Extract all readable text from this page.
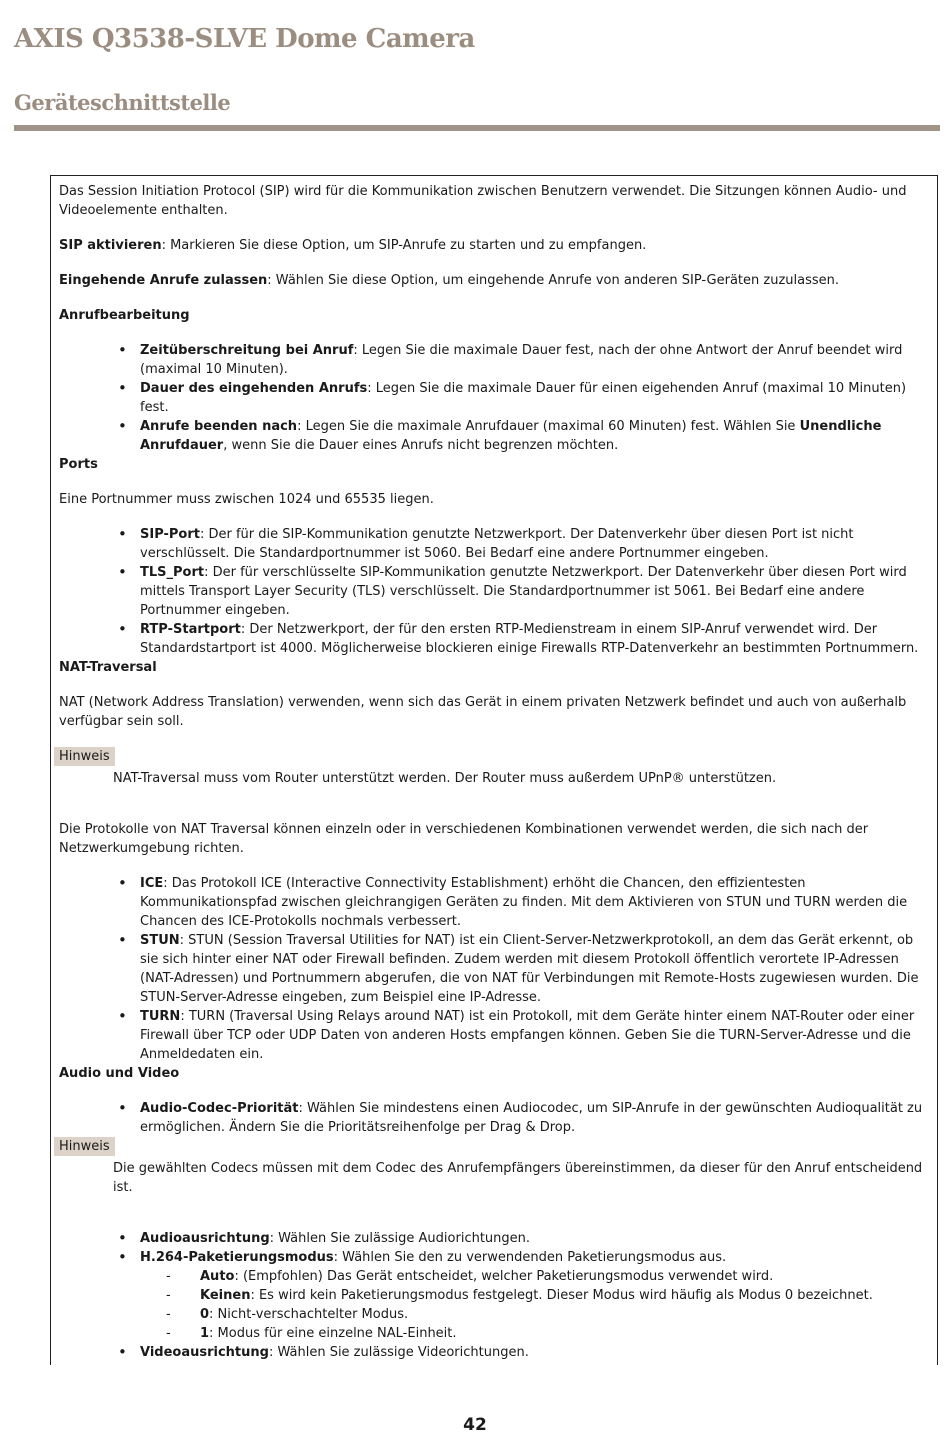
AXIS Q3538-SLVE Dome Camera
Geräteschnittstelle

Das Session Initiation Protocol (SIP) wird für die Kommunikation zwischen Benutzern verwendet. Die Sitzungen können Audio- und Videoelemente enthalten.

SIP aktivieren: Markieren Sie diese Option, um SIP-Anrufe zu starten und zu empfangen.

Eingehende Anrufe zulassen: Wählen Sie diese Option, um eingehende Anrufe von anderen SIP-Geräten zuzulassen.

Anrufbearbeitung
• Zeitüberschreitung bei Anruf: Legen Sie die maximale Dauer fest, nach der ohne Antwort der Anruf beendet wird (maximal 10 Minuten).
• Dauer des eingehenden Anrufs: Legen Sie die maximale Dauer für einen eigehenden Anruf (maximal 10 Minuten) fest.
• Anrufe beenden nach: Legen Sie die maximale Anrufdauer (maximal 60 Minuten) fest. Wählen Sie Unendliche Anrufdauer, wenn Sie die Dauer eines Anrufs nicht begrenzen möchten.
Ports

Eine Portnummer muss zwischen 1024 und 65535 liegen.

• SIP-Port: Der für die SIP-Kommunikation genutzte Netzwerkport. Der Datenverkehr über diesen Port ist nicht verschlüsselt. Die Standardportnummer ist 5060. Bei Bedarf eine andere Portnummer eingeben.
• TLS_Port: Der für verschlüsselte SIP-Kommunikation genutzte Netzwerkport. Der Datenverkehr über diesen Port wird mittels Transport Layer Security (TLS) verschlüsselt. Die Standardportnummer ist 5061. Bei Bedarf eine andere Portnummer eingeben.
• RTP-Startport: Der Netzwerkport, der für den ersten RTP-Medienstream in einem SIP-Anruf verwendet wird. Der Standardstartport ist 4000. Möglicherweise blockieren einige Firewalls RTP-Datenverkehr an bestimmten Portnummern.
NAT-Traversal

NAT (Network Address Translation) verwenden, wenn sich das Gerät in einem privaten Netzwerk befindet und auch von außerhalb verfügbar sein soll.

Hinweis
NAT-Traversal muss vom Router unterstützt werden. Der Router muss außerdem UPnP® unterstützen.

Die Protokolle von NAT Traversal können einzeln oder in verschiedenen Kombinationen verwendet werden, die sich nach der Netzwerkumgebung richten.

• ICE: Das Protokoll ICE (Interactive Connectivity Establishment) erhöht die Chancen, den effizientesten Kommunikationspfad zwischen gleichrangigen Geräten zu finden. Mit dem Aktivieren von STUN und TURN werden die Chancen des ICE-Protokolls nochmals verbessert.
• STUN: STUN (Session Traversal Utilities for NAT) ist ein Client-Server-Netzwerkprotokoll, an dem das Gerät erkennt, ob sie sich hinter einer NAT oder Firewall befinden. Zudem werden mit diesem Protokoll öffentlich verortete IP-Adressen (NAT-Adressen) und Portnummern abgerufen, die von NAT für Verbindungen mit Remote-Hosts zugewiesen wurden. Die STUN-Server-Adresse eingeben, zum Beispiel eine IP-Adresse.
• TURN: TURN (Traversal Using Relays around NAT) ist ein Protokoll, mit dem Geräte hinter einem NAT-Router oder einer Firewall über TCP oder UDP Daten von anderen Hosts empfangen können. Geben Sie die TURN-Server-Adresse und die Anmeldedaten ein.
Audio und Video
• Audio-Codec-Priorität: Wählen Sie mindestens einen Audiocodec, um SIP-Anrufe in der gewünschten Audioqualität zu ermöglichen. Ändern Sie die Prioritätsreihenfolge per Drag & Drop.
Hinweis
Die gewählten Codecs müssen mit dem Codec des Anrufempfängers übereinstimmen, da dieser für den Anruf entscheidend ist.
• Audioausrichtung: Wählen Sie zulässige Audiorichtungen.
• H.264-Paketierungsmodus: Wählen Sie den zu verwendenden Paketierungsmodus aus.
- Auto: (Empfohlen) Das Gerät entscheidet, welcher Paketierungsmodus verwendet wird.
- Keinen: Es wird kein Paketierungsmodus festgelegt. Dieser Modus wird häufig als Modus 0 bezeichnet.
- 0: Nicht-verschachtelter Modus.
- 1: Modus für eine einzelne NAL-Einheit.
• Videoausrichtung: Wählen Sie zulässige Videorichtungen.
42
